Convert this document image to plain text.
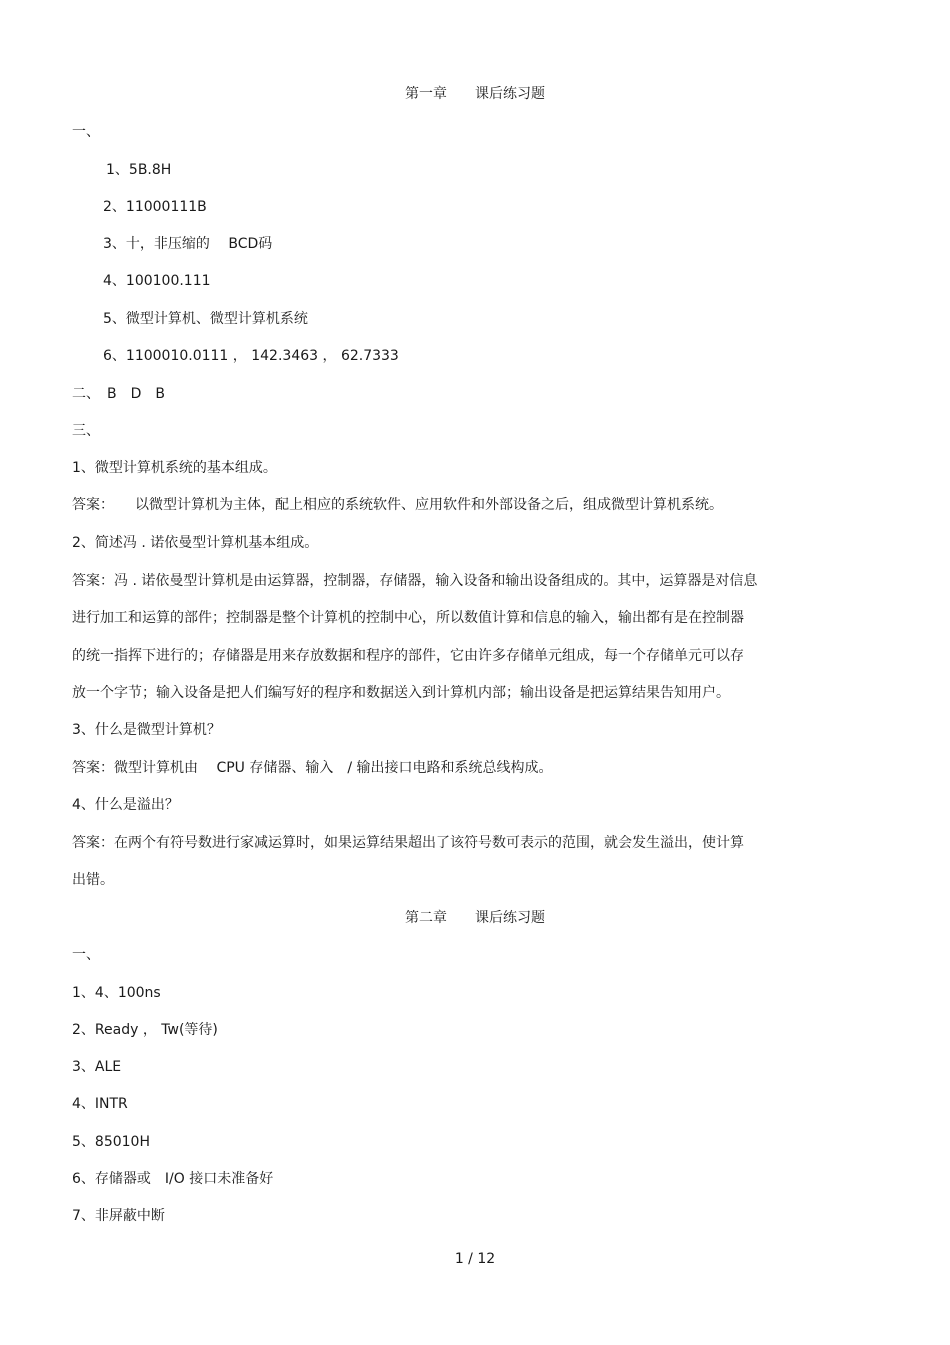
第一章　　课后练习题
一、
1、5B.8H
2、11000111B
3、十，非压缩的　 BCD码
4、100100.111
5、微型计算机、微型计算机系统
6、1100010.0111 ， 142.3463 ， 62.7333
二、　B　D　B
三、
1、微型计算机系统的基本组成。
答案：　　以微型计算机为主体，配上相应的系统软件、应用软件和外部设备之后，组成微型计算机系统。
2、简述冯 . 诺依曼型计算机基本组成。
答案：冯 . 诺依曼型计算机是由运算器，控制器，存储器，输入设备和输出设备组成的。其中，运算器是对信息
进行加工和运算的部件；控制器是整个计算机的控制中心，所以数值计算和信息的输入，输出都有是在控制器
的统一指挥下进行的；存储器是用来存放数据和程序的部件，它由许多存储单元组成，每一个存储单元可以存
放一个字节；输入设备是把人们编写好的程序和数据送入到计算机内部；输出设备是把运算结果告知用户。
3、什么是微型计算机？
答案：微型计算机由　 CPU 存储器、输入　/ 输出接口电路和系统总线构成。
4、什么是溢出？
答案：在两个有符号数进行家减运算时，如果运算结果超出了该符号数可表示的范围，就会发生溢出，使计算
出错。
第二章　　课后练习题
一、
1、4、100ns
2、Ready ， Tw(等待)
3、ALE
4、INTR
5、85010H
6、存储器或　I/O 接口未准备好
7、非屏蔽中断
1 / 12
